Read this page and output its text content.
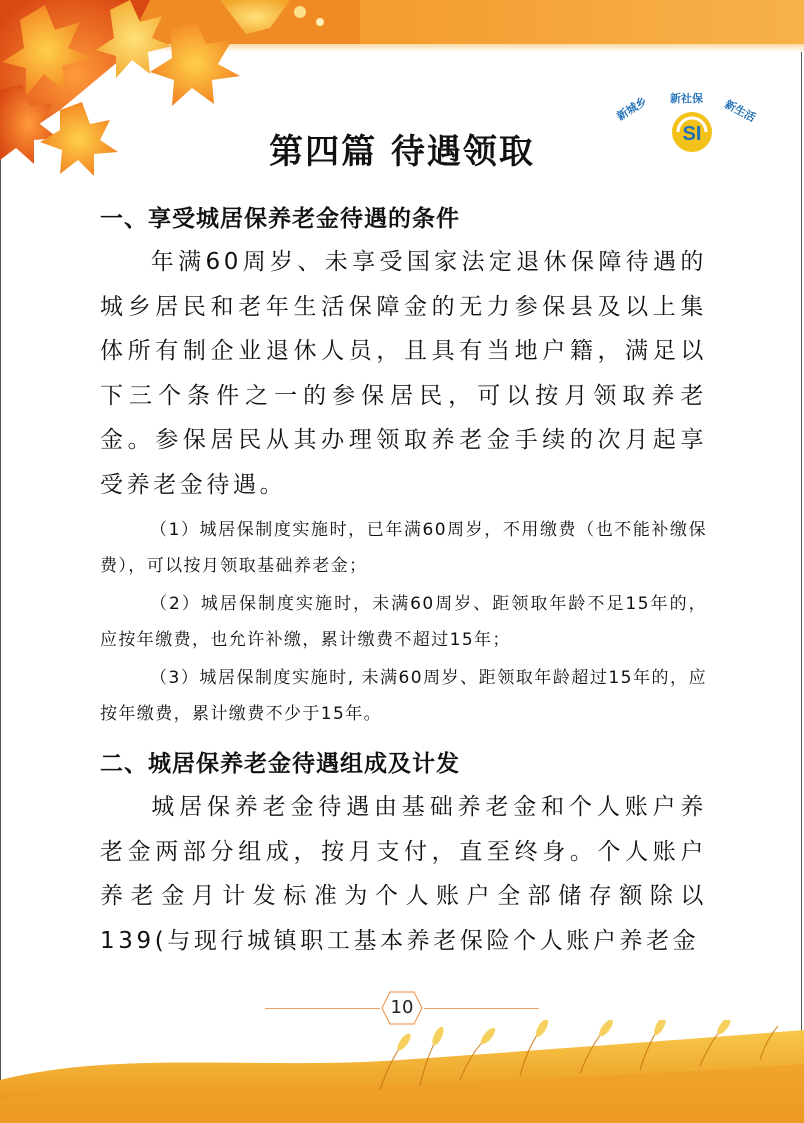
SI
新城乡 新社保 新生活
第四篇 待遇领取
一、享受城居保养老金待遇的条件
年满60周岁、未享受国家法定退休保障待遇的城乡居民和老年生活保障金的无力参保县及以上集体所有制企业退休人员，且具有当地户籍，满足以下三个条件之一的参保居民，可以按月领取养老金。参保居民从其办理领取养老金手续的次月起享受养老金待遇。
（1）城居保制度实施时，已年满60周岁，不用缴费（也不能补缴保费），可以按月领取基础养老金；
（2）城居保制度实施时，未满60周岁、距领取年龄不足15年的，应按年缴费，也允许补缴，累计缴费不超过15年；
（3）城居保制度实施时, 未满60周岁、距领取年龄超过15年的，应按年缴费，累计缴费不少于15年。
二、城居保养老金待遇组成及计发
城居保养老金待遇由基础养老金和个人账户养老金两部分组成，按月支付，直至终身。个人账户养老金月计发标准为个人账户全部储存额除以139(与现行城镇职工基本养老保险个人账户养老金
10
